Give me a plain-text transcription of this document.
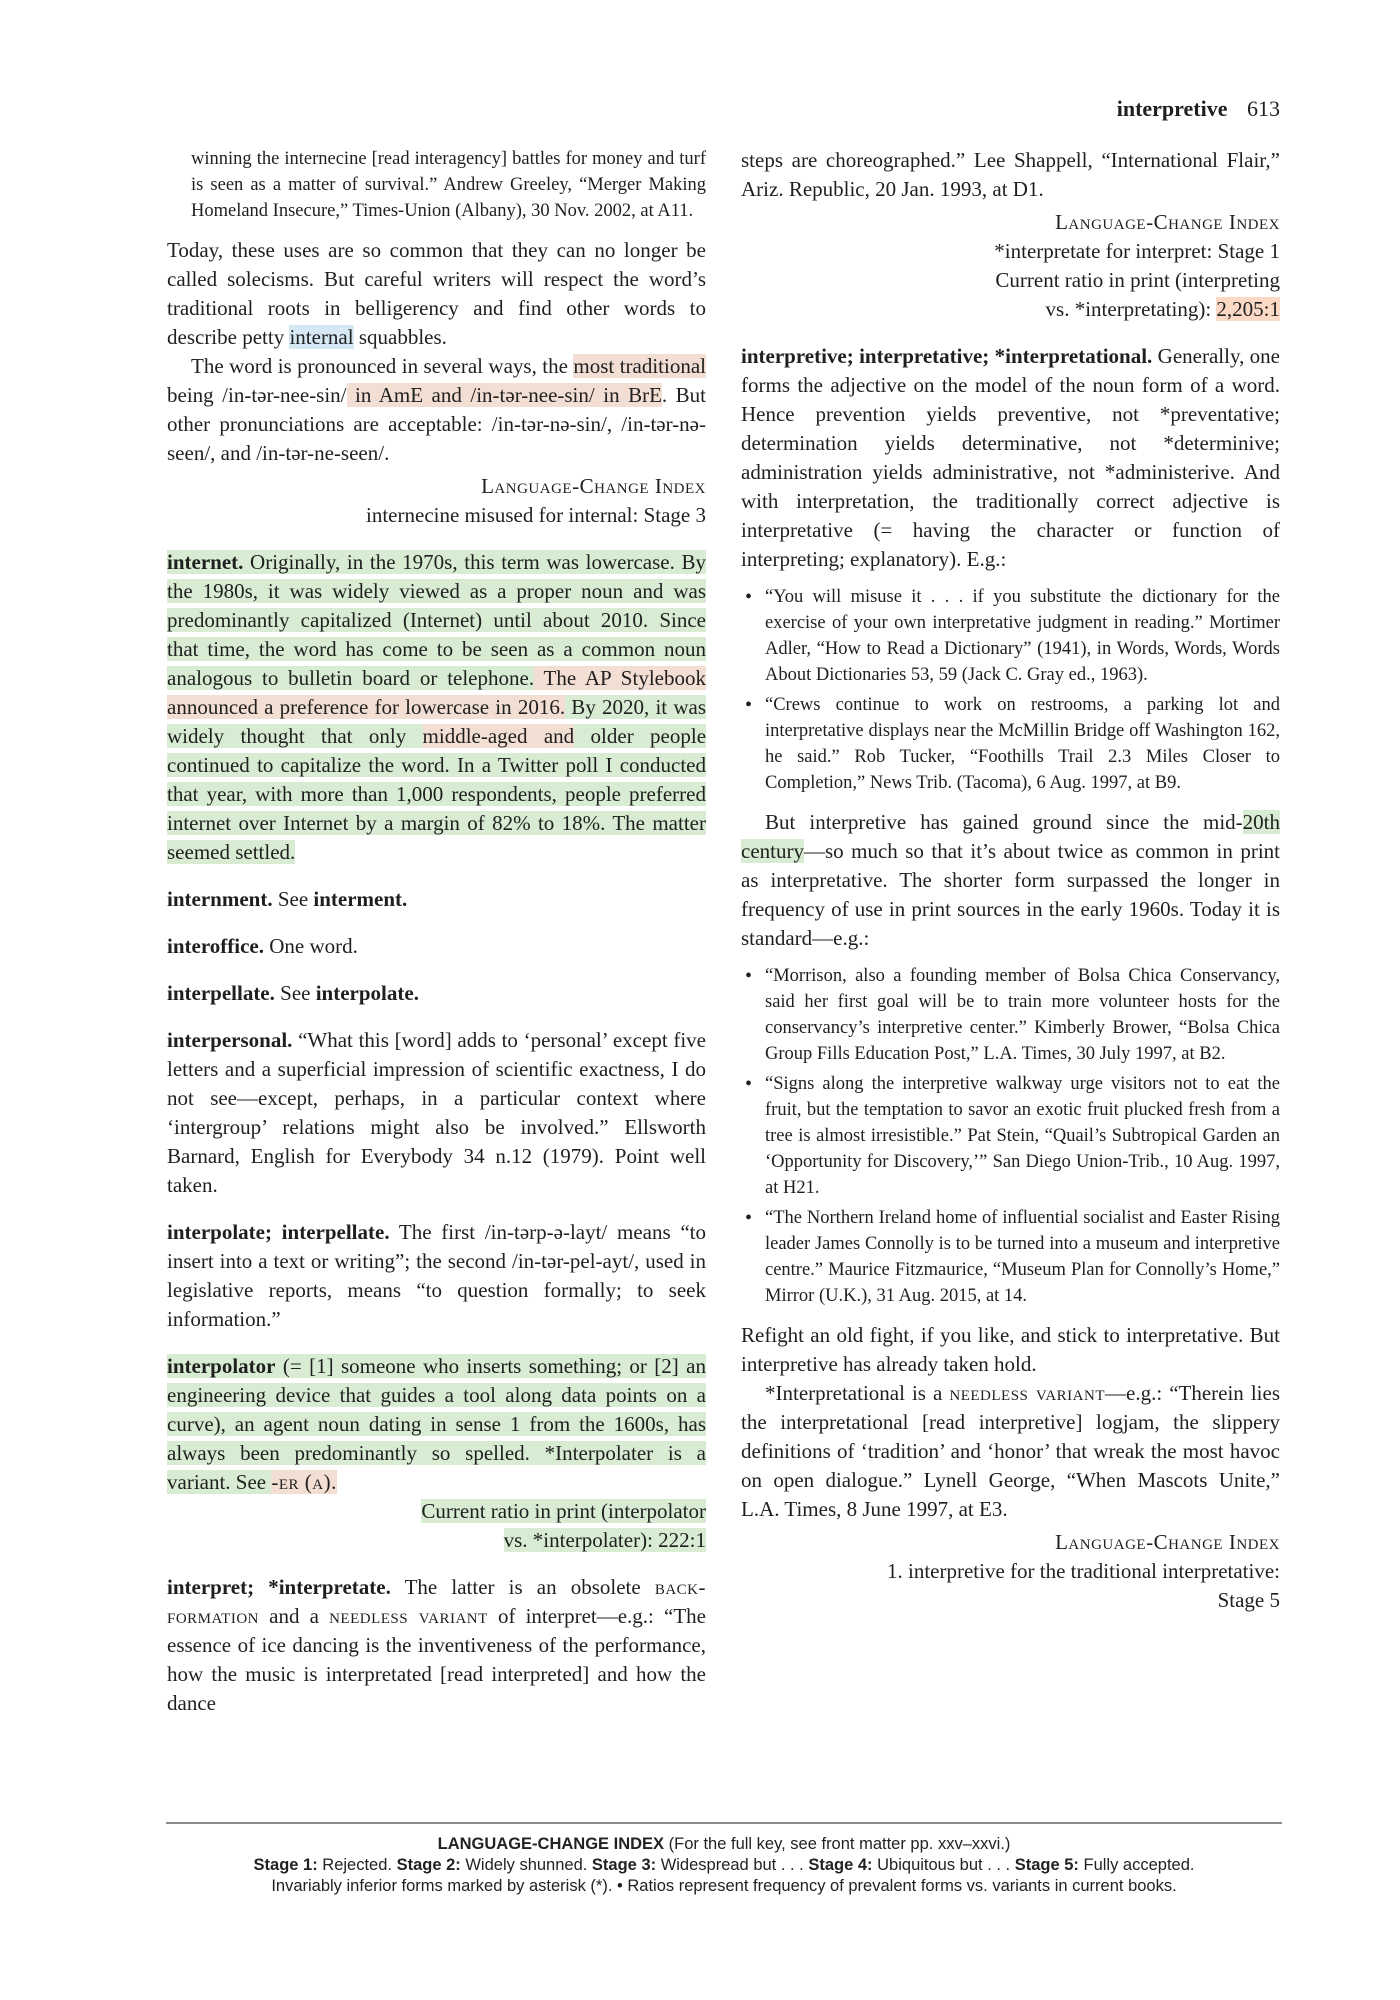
interpretive 613

winning the internecine [read interagency] battles for money and turf is seen as a matter of survival.” Andrew Greeley, “Merger Making Homeland Insecure,” Times-Union (Albany), 30 Nov. 2002, at A11.

Today, these uses are so common that they can no longer be called solecisms. But careful writers will respect the word’s traditional roots in belligerency and find other words to describe petty internal squabbles.

The word is pronounced in several ways, the most traditional being /in-tər-nee-sin/ in AmE and /in-tər-nee-sin/ in BrE. But other pronunciations are acceptable: /in-tər-nə-sin/, /in-tər-nə-seen/, and /in-tər-ne-seen/.

Language-Change Index
internecine misused for internal: Stage 3

internet. Originally, in the 1970s, this term was lowercase. By the 1980s, it was widely viewed as a proper noun and was predominantly capitalized (Internet) until about 2010. Since that time, the word has come to be seen as a common noun analogous to bulletin board or telephone. The AP Stylebook announced a preference for lowercase in 2016. By 2020, it was widely thought that only middle-aged and older people continued to capitalize the word. In a Twitter poll I conducted that year, with more than 1,000 respondents, people preferred internet over Internet by a margin of 82% to 18%. The matter seemed settled.

internment. See interment.

interoffice. One word.

interpellate. See interpolate.

interpersonal. “What this [word] adds to ‘personal’ except five letters and a superficial impression of scientific exactness, I do not see—except, perhaps, in a particular context where ‘intergroup’ relations might also be involved.” Ellsworth Barnard, English for Everybody 34 n.12 (1979). Point well taken.

interpolate; interpellate. The first /in-tərp-ə-layt/ means “to insert into a text or writing”; the second /in-tər-pel-ayt/, used in legislative reports, means “to question formally; to seek information.”

interpolator (= [1] someone who inserts something; or [2] an engineering device that guides a tool along data points on a curve), an agent noun dating in sense 1 from the 1600s, has always been predominantly so spelled. *Interpolater is a variant. See -er (a).

Current ratio in print (interpolator
vs. *interpolater): 222:1

interpret; *interpretate. The latter is an obsolete back-formation and a needless variant of interpret—e.g.: “The essence of ice dancing is the inventiveness of the performance, how the music is interpretated [read interpreted] and how the dance

steps are choreographed.” Lee Shappell, “International Flair,” Ariz. Republic, 20 Jan. 1993, at D1.

Language-Change Index
*interpretate for interpret: Stage 1
Current ratio in print (interpreting
vs. *interpretating): 2,205:1

interpretive; interpretative; *interpretational. Generally, one forms the adjective on the model of the noun form of a word. Hence prevention yields preventive, not *preventative; determination yields determinative, not *determinive; administration yields administrative, not *administerive. And with interpretation, the traditionally correct adjective is interpretative (= having the character or function of interpreting; explanatory). E.g.:

• “You will misuse it . . . if you substitute the dictionary for the exercise of your own interpretative judgment in reading.” Mortimer Adler, “How to Read a Dictionary” (1941), in Words, Words, Words About Dictionaries 53, 59 (Jack C. Gray ed., 1963).
• “Crews continue to work on restrooms, a parking lot and interpretative displays near the McMillin Bridge off Washington 162, he said.” Rob Tucker, “Foothills Trail 2.3 Miles Closer to Completion,” News Trib. (Tacoma), 6 Aug. 1997, at B9.

But interpretive has gained ground since the mid-20th century—so much so that it’s about twice as common in print as interpretative. The shorter form surpassed the longer in frequency of use in print sources in the early 1960s. Today it is standard—e.g.:

• “Morrison, also a founding member of Bolsa Chica Conservancy, said her first goal will be to train more volunteer hosts for the conservancy’s interpretive center.” Kimberly Brower, “Bolsa Chica Group Fills Education Post,” L.A. Times, 30 July 1997, at B2.
• “Signs along the interpretive walkway urge visitors not to eat the fruit, but the temptation to savor an exotic fruit plucked fresh from a tree is almost irresistible.” Pat Stein, “Quail’s Subtropical Garden an ‘Opportunity for Discovery,’” San Diego Union-Trib., 10 Aug. 1997, at H21.
• “The Northern Ireland home of influential socialist and Easter Rising leader James Connolly is to be turned into a museum and interpretive centre.” Maurice Fitzmaurice, “Museum Plan for Connolly’s Home,” Mirror (U.K.), 31 Aug. 2015, at 14.

Refight an old fight, if you like, and stick to interpretative. But interpretive has already taken hold.

*Interpretational is a needless variant—e.g.: “Therein lies the interpretational [read interpretive] logjam, the slippery definitions of ‘tradition’ and ‘honor’ that wreak the most havoc on open dialogue.” Lynell George, “When Mascots Unite,” L.A. Times, 8 June 1997, at E3.

Language-Change Index
1. interpretive for the traditional interpretative:
Stage 5
LANGUAGE-CHANGE INDEX (For the full key, see front matter pp. xxv–xxvi.)
Stage 1: Rejected. Stage 2: Widely shunned. Stage 3: Widespread but . . . Stage 4: Ubiquitous but . . . Stage 5: Fully accepted.
Invariably inferior forms marked by asterisk (*). • Ratios represent frequency of prevalent forms vs. variants in current books.
